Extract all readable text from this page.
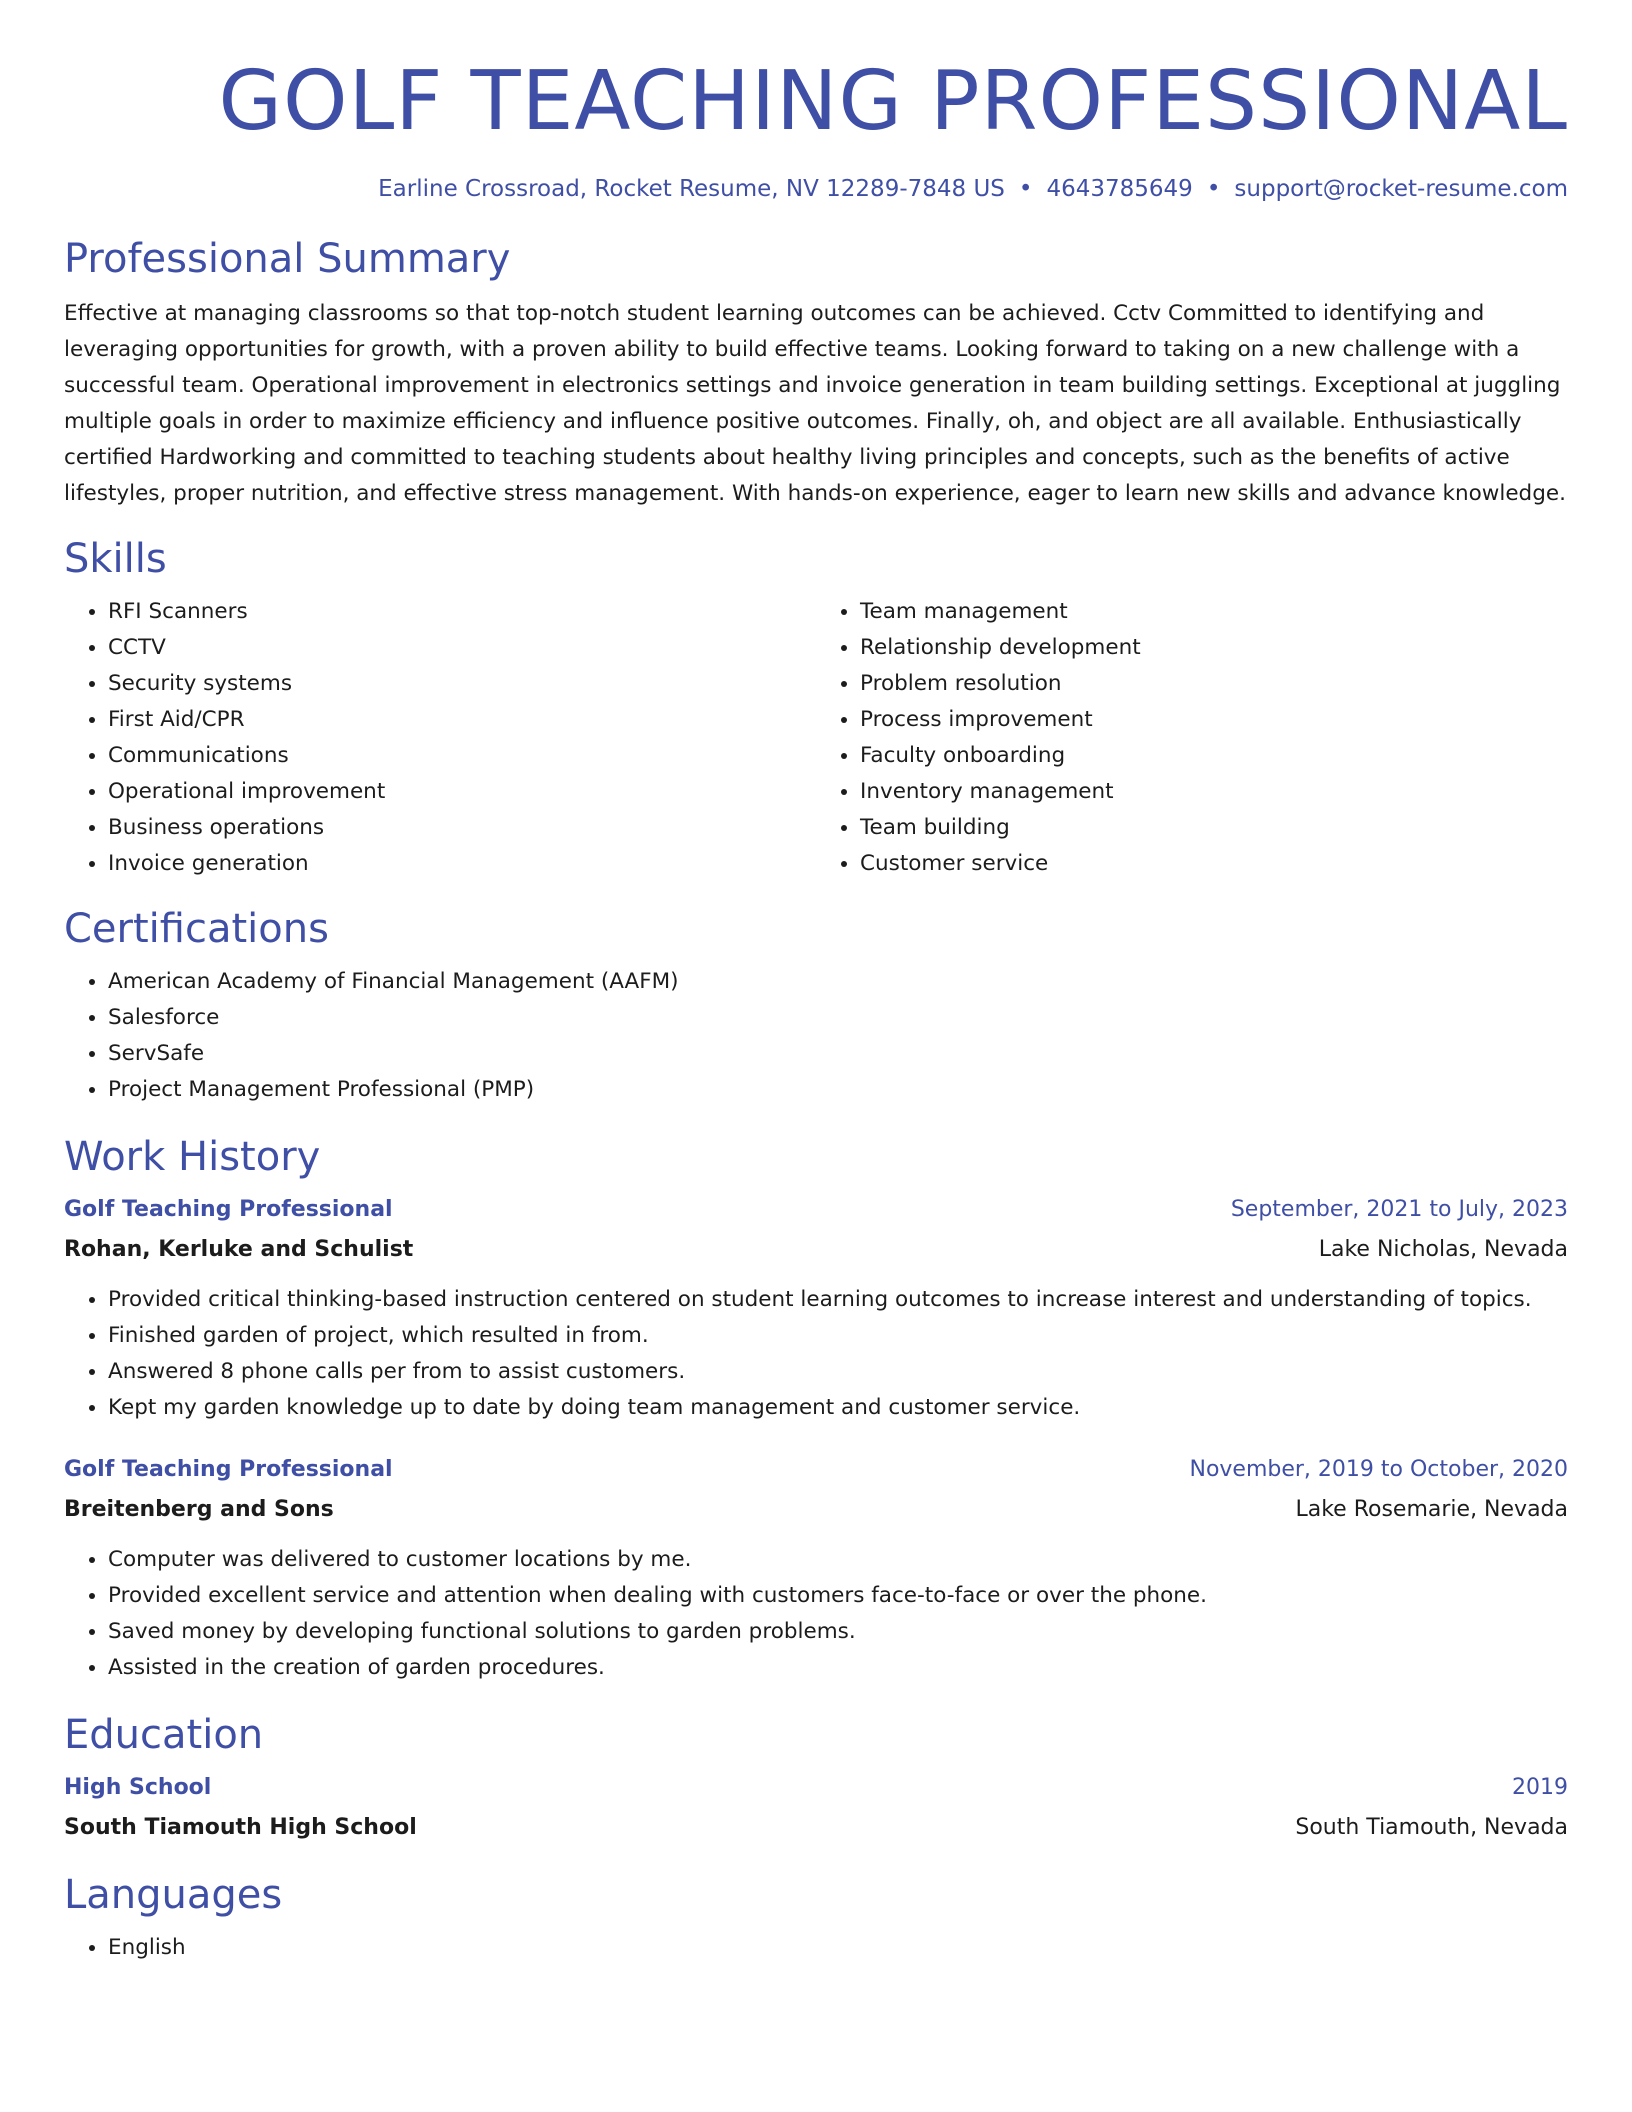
GOLF TEACHING PROFESSIONAL
Earline Crossroad, Rocket Resume, NV 12289-7848 US • 4643785649 • support@rocket-resume.com
Professional Summary

Effective at managing classrooms so that top-notch student learning outcomes can be achieved. Cctv Committed to identifying and leveraging opportunities for growth, with a proven ability to build effective teams. Looking forward to taking on a new challenge with a successful team. Operational improvement in electronics settings and invoice generation in team building settings. Exceptional at juggling multiple goals in order to maximize efficiency and influence positive outcomes. Finally, oh, and object are all available. Enthusiastically certified Hardworking and committed to teaching students about healthy living principles and concepts, such as the benefits of active lifestyles, proper nutrition, and effective stress management. With hands-on experience, eager to learn new skills and advance knowledge.

Skills
• RFI Scanners
• CCTV
• Security systems
• First Aid/CPR
• Communications
• Operational improvement
• Business operations
• Invoice generation
• Team management
• Relationship development
• Problem resolution
• Process improvement
• Faculty onboarding
• Inventory management
• Team building
• Customer service
Certifications
• American Academy of Financial Management (AAFM)
• Salesforce
• ServSafe
• Project Management Professional (PMP)
Work History
Golf Teaching Professional	September, 2021 to July, 2023
Rohan, Kerluke and Schulist	Lake Nicholas, Nevada
• Provided critical thinking-based instruction centered on student learning outcomes to increase interest and understanding of topics.
• Finished garden of project, which resulted in from.
• Answered 8 phone calls per from to assist customers.
• Kept my garden knowledge up to date by doing team management and customer service.
Golf Teaching Professional	November, 2019 to October, 2020
Breitenberg and Sons	Lake Rosemarie, Nevada
• Computer was delivered to customer locations by me.
• Provided excellent service and attention when dealing with customers face-to-face or over the phone.
• Saved money by developing functional solutions to garden problems.
• Assisted in the creation of garden procedures.
Education
High School	2019
South Tiamouth High School	South Tiamouth, Nevada
Languages
• English
